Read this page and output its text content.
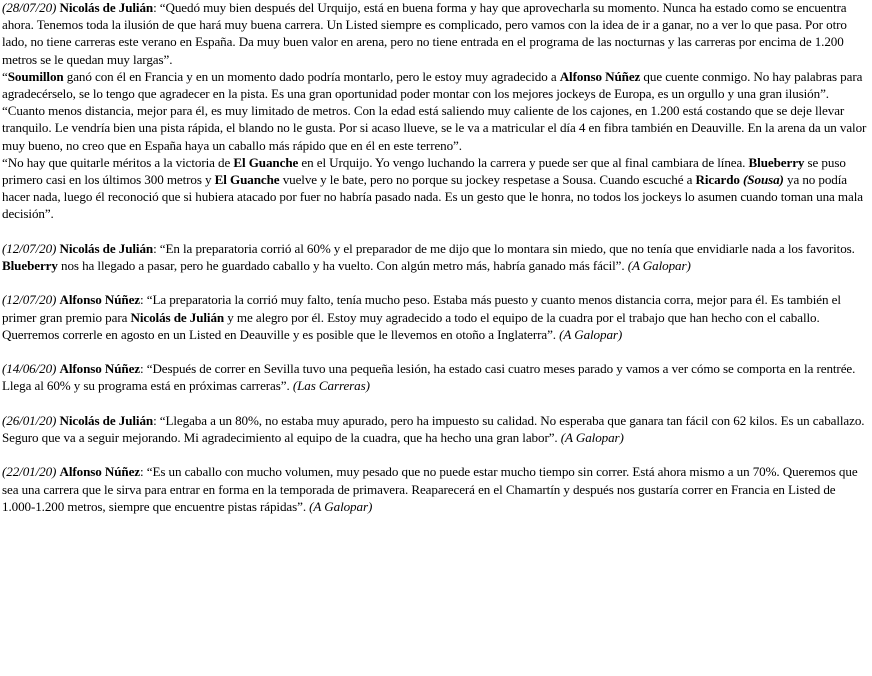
(28/07/20) Nicolás de Julián: “Quedó muy bien después del Urquijo, está en buena forma y hay que aprovecharla su momento. Nunca ha estado como se encuentra ahora. Tenemos toda la ilusión de que hará muy buena carrera. Un Listed siempre es complicado, pero vamos con la idea de ir a ganar, no a ver lo que pasa. Por otro lado, no tiene carreras este verano en España. Da muy buen valor en arena, pero no tiene entrada en el programa de las nocturnas y las carreras por encima de 1.200 metros se le quedan muy largas”.

“Soumillon ganó con él en Francia y en un momento dado podría montarlo, pero le estoy muy agradecido a Alfonso Núñez que cuente conmigo. No hay palabras para agradecérselo, se lo tengo que agradecer en la pista. Es una gran oportunidad poder montar con los mejores jockeys de Europa, es un orgullo y una gran ilusión”.

“Cuanto menos distancia, mejor para él, es muy limitado de metros. Con la edad está saliendo muy caliente de los cajones, en 1.200 está costando que se deje llevar tranquilo. Le vendría bien una pista rápida, el blando no le gusta. Por si acaso llueve, se le va a matricular el día 4 en fibra también en Deauville. En la arena da un valor muy bueno, no creo que en España haya un caballo más rápido que en él en este terreno”.

“No hay que quitarle méritos a la victoria de El Guanche en el Urquijo. Yo vengo luchando la carrera y puede ser que al final cambiara de línea. Blueberry se puso primero casi en los últimos 300 metros y El Guanche vuelve y le bate, pero no porque su jockey respetase a Sousa. Cuando escuché a Ricardo (Sousa) ya no podía hacer nada, luego él reconoció que si hubiera atacado por fuer no habría pasado nada. Es un gesto que le honra, no todos los jockeys lo asumen cuando toman una mala decisión”.

(12/07/20) Nicolás de Julián: “En la preparatoria corrió al 60% y el preparador de me dijo que lo montara sin miedo, que no tenía que envidiarle nada a los favoritos. Blueberry nos ha llegado a pasar, pero he guardado caballo y ha vuelto. Con algún metro más, habría ganado más fácil”. (A Galopar)

(12/07/20) Alfonso Núñez: “La preparatoria la corrió muy falto, tenía mucho peso. Estaba más puesto y cuanto menos distancia corra, mejor para él. Es también el primer gran premio para Nicolás de Julián y me alegro por él. Estoy muy agradecido a todo el equipo de la cuadra por el trabajo que han hecho con el caballo. Querremos correrle en agosto en un Listed en Deauville y es posible que le llevemos en otoño a Inglaterra”. (A Galopar)

(14/06/20) Alfonso Núñez: “Después de correr en Sevilla tuvo una pequeña lesión, ha estado casi cuatro meses parado y vamos a ver cómo se comporta en la rentrée. Llega al 60% y su programa está en próximas carreras”. (Las Carreras)

(26/01/20) Nicolás de Julián: “Llegaba a un 80%, no estaba muy apurado, pero ha impuesto su calidad. No esperaba que ganara tan fácil con 62 kilos. Es un caballazo. Seguro que va a seguir mejorando. Mi agradecimiento al equipo de la cuadra, que ha hecho una gran labor”. (A Galopar)

(22/01/20) Alfonso Núñez: “Es un caballo con mucho volumen, muy pesado que no puede estar mucho tiempo sin correr. Está ahora mismo a un 70%. Queremos que sea una carrera que le sirva para entrar en forma en la temporada de primavera. Reaparecerá en el Chamartín y después nos gustaría correr en Francia en Listed de 1.000-1.200 metros, siempre que encuentre pistas rápidas”. (A Galopar)
